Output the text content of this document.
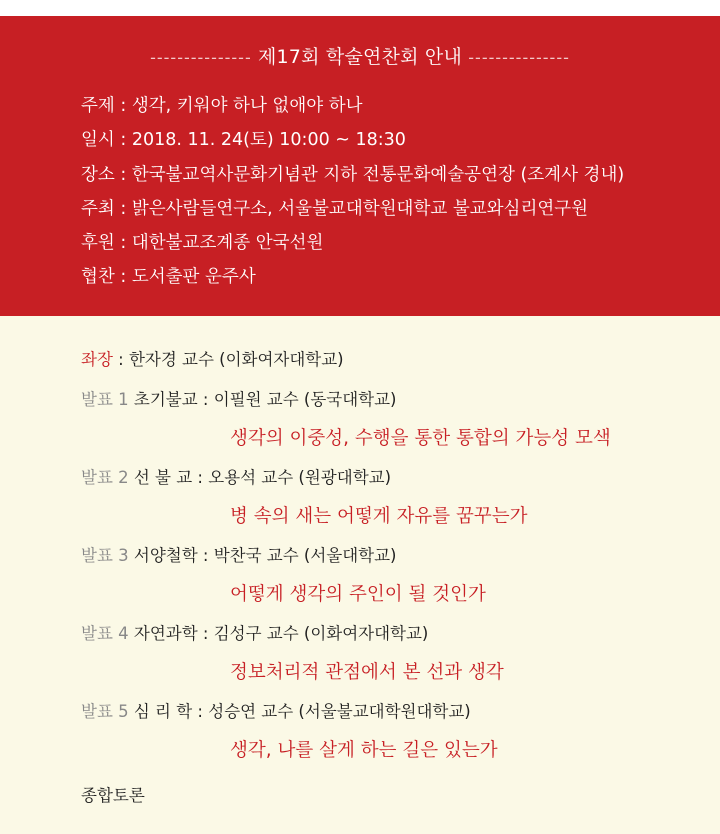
--------------- 제17회 학술연찬회 안내 ---------------
주제 : 생각, 키워야 하나 없애야 하나
일시 : 2018. 11. 24(토) 10:00 ~ 18:30
장소 : 한국불교역사문화기념관 지하 전통문화예술공연장 (조계사 경내)
주최 : 밝은사람들연구소, 서울불교대학원대학교 불교와심리연구원
후원 : 대한불교조계종 안국선원
협찬 : 도서출판 운주사
좌장 : 한자경 교수 (이화여자대학교)
발표 1 초기불교 : 이필원 교수 (동국대학교)
생각의 이중성, 수행을 통한 통합의 가능성 모색
발표 2 선 불 교 : 오용석 교수 (원광대학교)
병 속의 새는 어떻게 자유를 꿈꾸는가
발표 3 서양철학 : 박찬국 교수 (서울대학교)
어떻게 생각의 주인이 될 것인가
발표 4 자연과학 : 김성구 교수 (이화여자대학교)
정보처리적 관점에서 본 선과 생각
발표 5 심 리 학 : 성승연 교수 (서울불교대학원대학교)
생각, 나를 살게 하는 길은 있는가
종합토론
